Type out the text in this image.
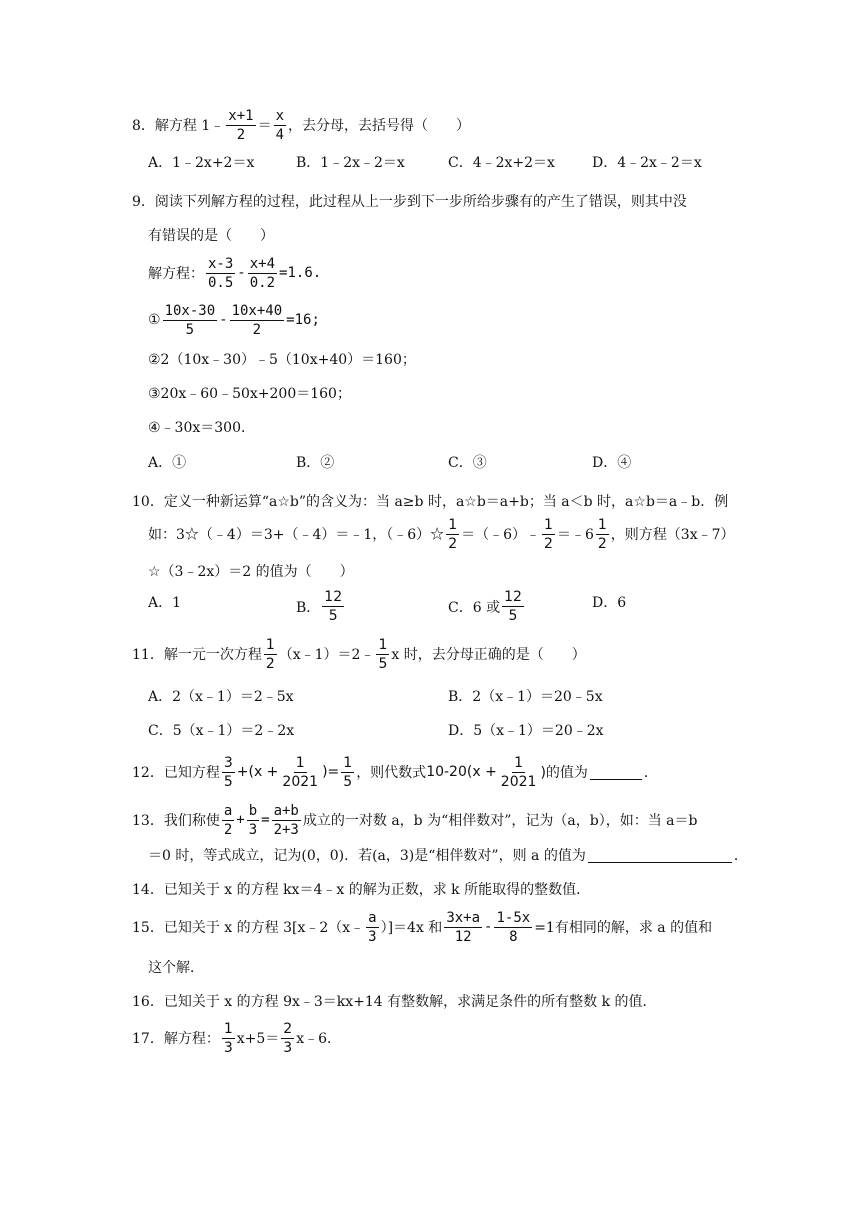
8． 解方程 1﹣ $\frac{x+1}{2} = \frac{x}{4}$ ，去分母，去括号得（　　）
A．1﹣2x+2＝x	B．1﹣2x﹣2＝x	C．4﹣2x+2＝x	D．4﹣2x﹣2＝x
9． 阅读下列解方程的过程，此过程从上一步到下一步所给步骤有的产生了错误，则其中没
有错误的是（　　）
解方程： $\frac{x-3}{0.5} - \frac{x+4}{0.2} =1.6$.
① $\frac{10x-30}{5} - \frac{10x+40}{2} =16$;
②2（10x﹣30）﹣5（10x+40）＝160；
③20x﹣60﹣50x+200＝160；
④﹣30x＝300．
A．①	B．②	C．③	D．④
10． 定义一种新运算“a☆b”的含义为：当 a≥b 时，a☆b＝a+b；当 a＜b 时，a☆b＝a﹣b．例
如：3☆（﹣4）＝3+（﹣4）＝﹣1，（﹣6）☆ $\frac{1}{2}$ ＝（﹣6）﹣ $\frac{1}{2}$ ＝﹣6 $\frac{1}{2}$ ，则方程（3x﹣7）
☆（3﹣2x）＝2 的值为（　　）
A．1	B． $\frac{12}{5}$	C．6 或 $\frac{12}{5}$	D．6
11． 解一元一次方程 $\frac{1}{2}$ （x﹣1）＝2﹣ $\frac{1}{5}$ x 时，去分母正确的是（　　）
A．2（x﹣1）＝2﹣5x	B．2（x﹣1）＝20﹣5x
C．5（x﹣1）＝2﹣2x	D．5（x﹣1）＝20﹣2x
12． 已知方程 $\frac{3}{5} +(x + \frac{1}{2021}$ )= $\frac{1}{5}$ ，则代数式 $10-20(x + \frac{1}{2021}$ )的值为	．
13． 我们称使 $\frac{a}{2} + \frac{b}{3} = \frac{a+b}{2+3}$ 成立的一对数 a，b 为“相伴数对”，记为（a，b），如：当 a＝b
＝0 时，等式成立，记为(0，0)．若(a，3)是“相伴数对”，则 a 的值为	．
14． 已知关于 x 的方程 kx＝4﹣x 的解为正数，求 k 所能取得的整数值．
15． 已知关于 x 的方程 3[x﹣2（x﹣ $\frac{a}{3} )]=4x$ 和 $\frac{3x+a}{12} - \frac{1-5x}{8} =1$有相同的解，求 a 的值和
这个解．
16． 已知关于 x 的方程 9x﹣3＝kx+14 有整数解，求满足条件的所有整数 k 的值．
17． 解方程： $\frac{1}{3} x+5= \frac{2}{3}$ x﹣6．
